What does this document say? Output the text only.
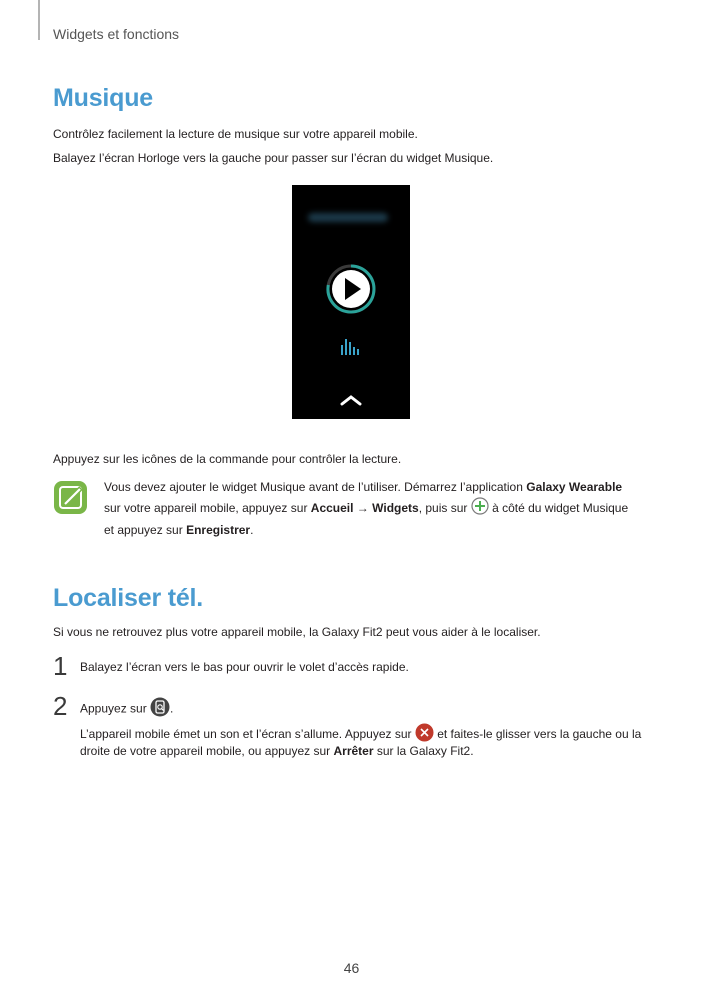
Widgets et fonctions
Musique
Contrôlez facilement la lecture de musique sur votre appareil mobile.
Balayez l’écran Horloge vers la gauche pour passer sur l’écran du widget Musique.
Appuyez sur les icônes de la commande pour contrôler la lecture.
Vous devez ajouter le widget Musique avant de l’utiliser. Démarrez l’application Galaxy Wearable
sur votre appareil mobile, appuyez sur Accueil → Widgets, puis sur  à côté du widget Musique
et appuyez sur Enregistrer.
Localiser tél.
Si vous ne retrouvez plus votre appareil mobile, la Galaxy Fit2 peut vous aider à le localiser.
1 Balayez l’écran vers le bas pour ouvrir le volet d’accès rapide.
2 Appuyez sur .
L’appareil mobile émet un son et l’écran s’allume. Appuyez sur  et faites-le glisser vers la gauche ou la
droite de votre appareil mobile, ou appuyez sur Arrêter sur la Galaxy Fit2.
46
